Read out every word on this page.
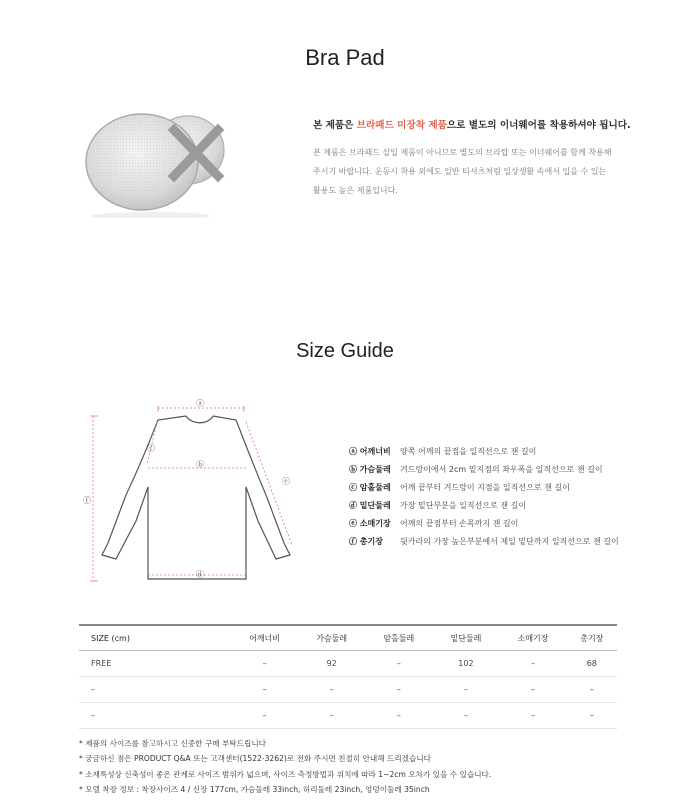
Bra Pad
본 제품은 브라패드 미장착 제품으로 별도의 이너웨어를 착용하셔야 됩니다.
본 제품은 브라패드 삽입 제품이 아니므로 별도의 브라탑 또는 이너웨어를 함께 착용해주시기 바랍니다. 운동시 착용 외에도 일반 티셔츠처럼 일상생활 속에서 입을 수 있는 활용도 높은 제품입니다.
Size Guide
ⓐ
ⓑ
ⓒ
ⓓ
ⓔ
ⓕ
ⓐ 어깨너비	양쪽 어깨의 끝점을 일직선으로 잰 길이
ⓑ 가슴둘레	겨드랑이에서 2cm 밑지점의 좌우폭을 일직선으로 잰 길이
ⓒ 암홀둘레	어깨 끝부터 겨드랑이 지점을 일직선으로 잰 길이
ⓓ 밑단둘레	가장 밑단부분을 일직선으로 잰 길이
ⓔ 소매기장	어깨의 끝점부터 손목까지 잰 길이
ⓕ 총기장	뒷카라의 가장 높은부분에서 제일 밑단까지 일직선으로 잰 길이
SIZE (cm)	어깨너비	가슴둘레	암홀둘레	밑단둘레	소매기장	총기장
FREE	–	92	–	102	–	68
–	–	–	–	–	–	–
–	–	–	–	–	–	–
* 제품의 사이즈를 참고하시고 신중한 구매 부탁드립니다
* 궁금하신 점은 PRODUCT Q&A 또는 고객센터(1522-3262)로 전화 주시면 친절히 안내해 드리겠습니다
* 소재특성상 신축성이 좋은 관계로 사이즈 범위가 넓으며, 사이즈 측정방법과 위치에 따라 1~2cm 오차가 있을 수 있습니다.
* 모델 착장 정보 : 착장사이즈 4 / 신장 177cm, 가슴둘레 33inch, 허리둘레 23inch, 엉덩이둘레 35inch
